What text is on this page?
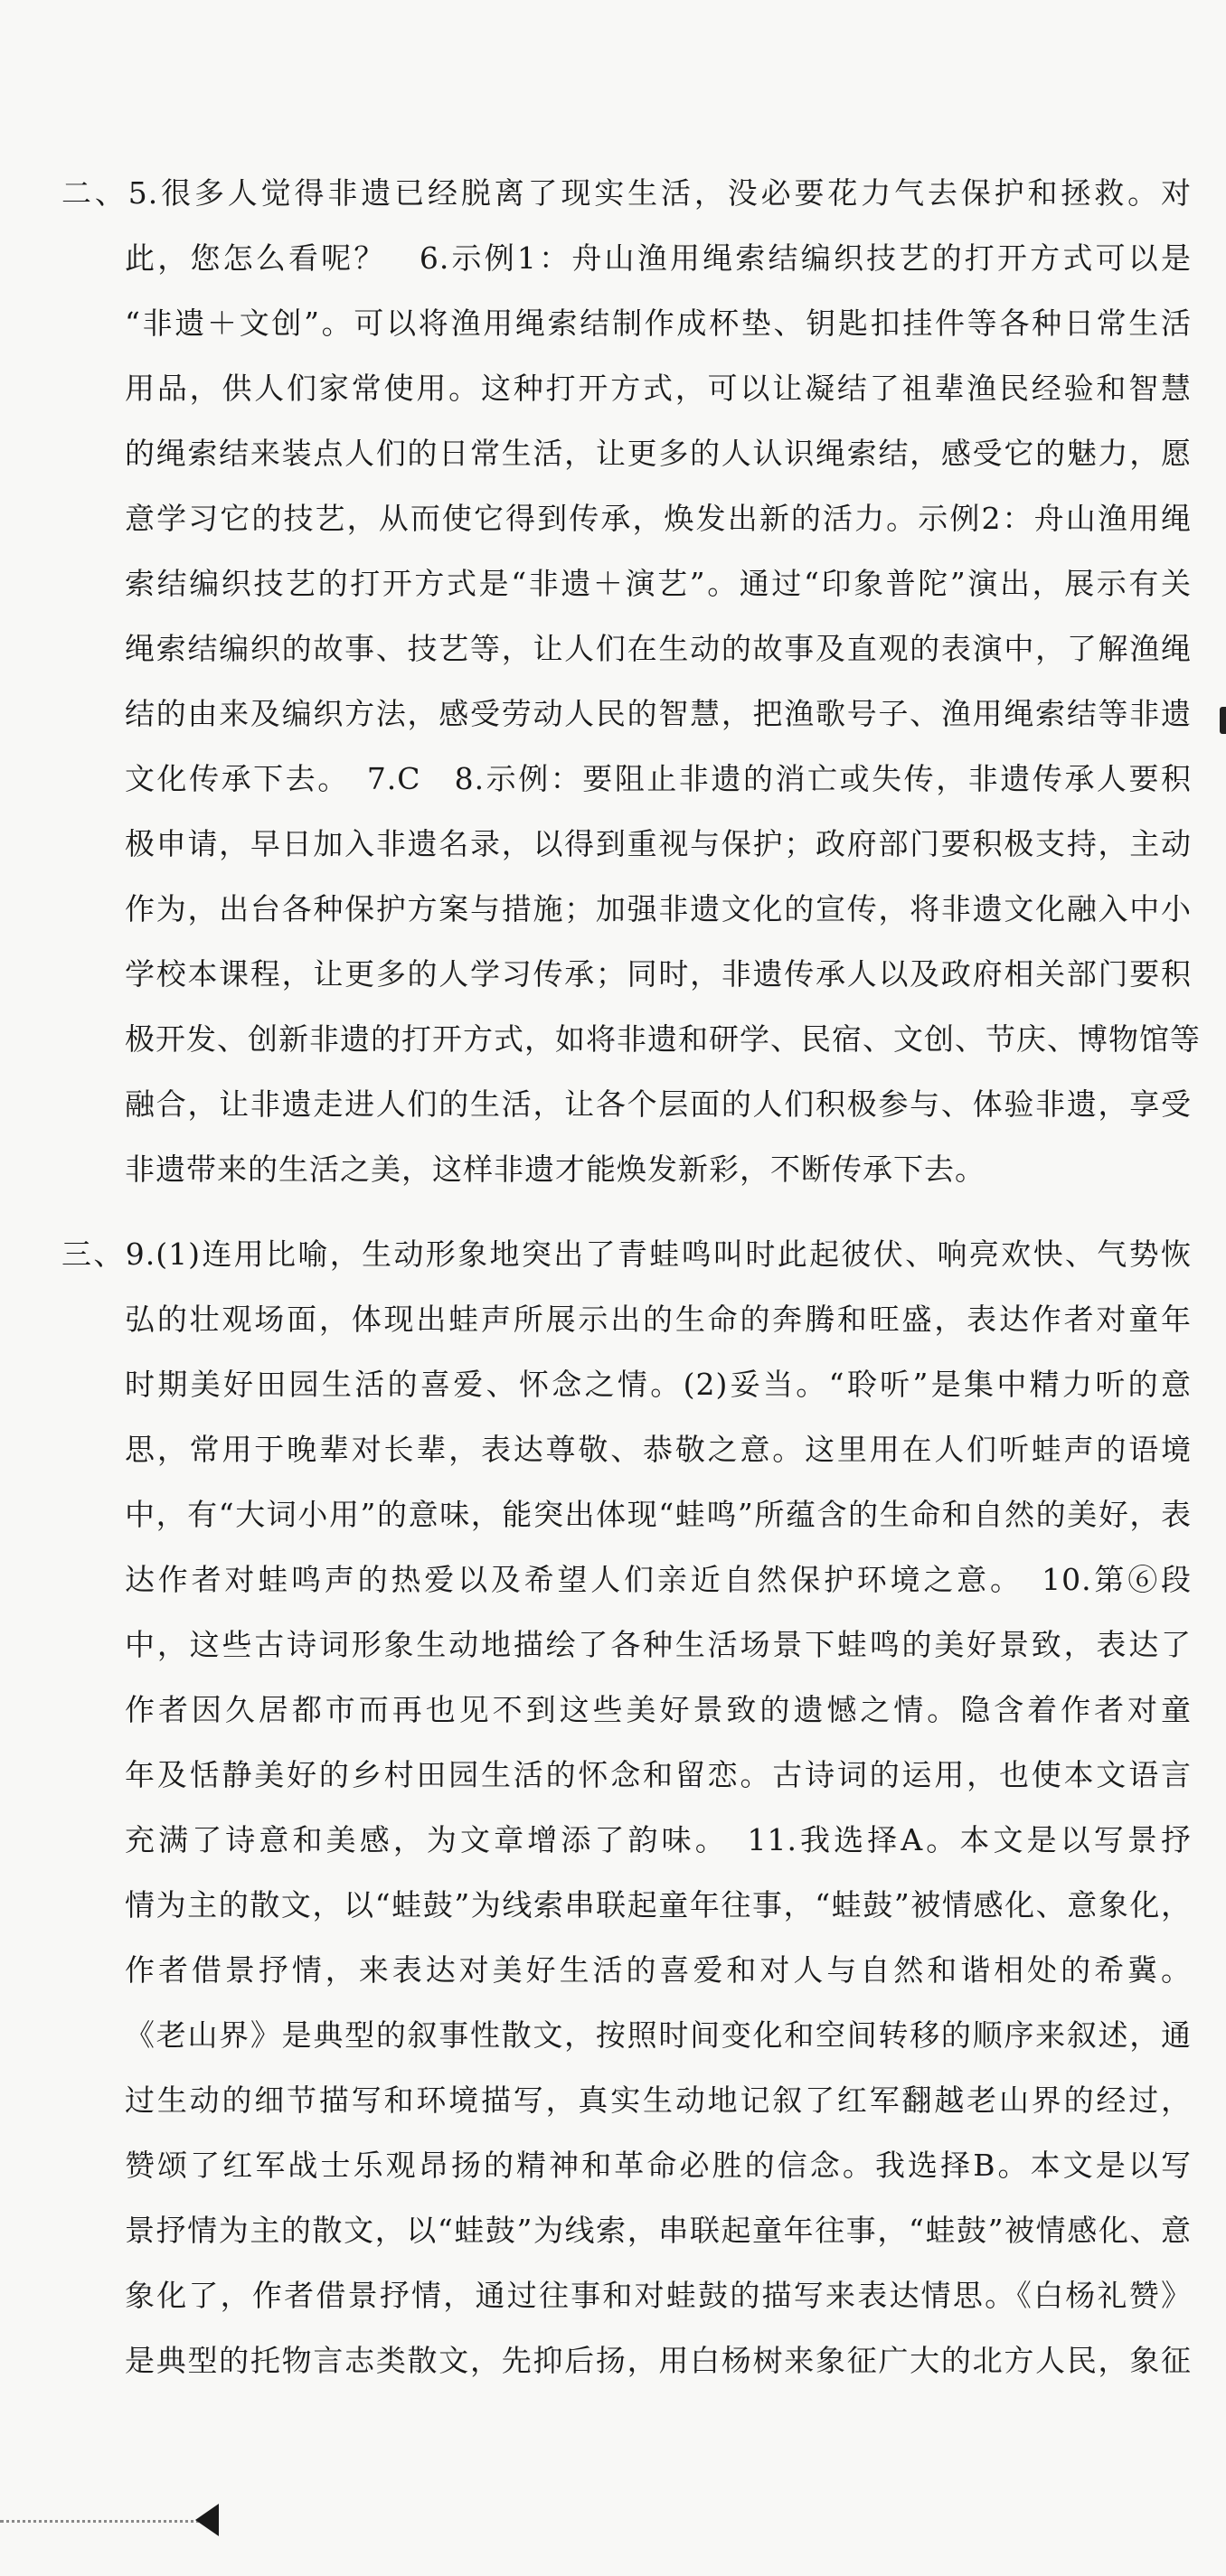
二、5.很多人觉得非遗已经脱离了现实生活，没必要花力气去保护和拯救。对
此，您怎么看呢？　6.示例1：舟山渔用绳索结编织技艺的打开方式可以是
“非遗＋文创”。可以将渔用绳索结制作成杯垫、钥匙扣挂件等各种日常生活
用品，供人们家常使用。这种打开方式，可以让凝结了祖辈渔民经验和智慧
的绳索结来装点人们的日常生活，让更多的人认识绳索结，感受它的魅力，愿
意学习它的技艺，从而使它得到传承，焕发出新的活力。示例2：舟山渔用绳
索结编织技艺的打开方式是“非遗＋演艺”。通过“印象普陀”演出，展示有关
绳索结编织的故事、技艺等，让人们在生动的故事及直观的表演中，了解渔绳
结的由来及编织方法，感受劳动人民的智慧，把渔歌号子、渔用绳索结等非遗
文化传承下去。　7.C　8.示例：要阻止非遗的消亡或失传，非遗传承人要积
极申请，早日加入非遗名录，以得到重视与保护；政府部门要积极支持，主动
作为，出台各种保护方案与措施；加强非遗文化的宣传，将非遗文化融入中小
学校本课程，让更多的人学习传承；同时，非遗传承人以及政府相关部门要积
极开发、创新非遗的打开方式，如将非遗和研学、民宿、文创、节庆、博物馆等
融合，让非遗走进人们的生活，让各个层面的人们积极参与、体验非遗，享受
非遗带来的生活之美，这样非遗才能焕发新彩，不断传承下去。
三、9.(1)连用比喻，生动形象地突出了青蛙鸣叫时此起彼伏、响亮欢快、气势恢
弘的壮观场面，体现出蛙声所展示出的生命的奔腾和旺盛，表达作者对童年
时期美好田园生活的喜爱、怀念之情。(2)妥当。“聆听”是集中精力听的意
思，常用于晚辈对长辈，表达尊敬、恭敬之意。这里用在人们听蛙声的语境
中，有“大词小用”的意味，能突出体现“蛙鸣”所蕴含的生命和自然的美好，表
达作者对蛙鸣声的热爱以及希望人们亲近自然保护环境之意。　10.第⑥段
中，这些古诗词形象生动地描绘了各种生活场景下蛙鸣的美好景致，表达了
作者因久居都市而再也见不到这些美好景致的遗憾之情。隐含着作者对童
年及恬静美好的乡村田园生活的怀念和留恋。古诗词的运用，也使本文语言
充满了诗意和美感，为文章增添了韵味。　11.我选择A。本文是以写景抒
情为主的散文，以“蛙鼓”为线索串联起童年往事，“蛙鼓”被情感化、意象化，
作者借景抒情，来表达对美好生活的喜爱和对人与自然和谐相处的希冀。
《老山界》是典型的叙事性散文，按照时间变化和空间转移的顺序来叙述，通
过生动的细节描写和环境描写，真实生动地记叙了红军翻越老山界的经过，
赞颂了红军战士乐观昂扬的精神和革命必胜的信念。我选择B。本文是以写
景抒情为主的散文，以“蛙鼓”为线索，串联起童年往事，“蛙鼓”被情感化、意
象化了，作者借景抒情，通过往事和对蛙鼓的描写来表达情思。《白杨礼赞》
是典型的托物言志类散文，先抑后扬，用白杨树来象征广大的北方人民，象征
